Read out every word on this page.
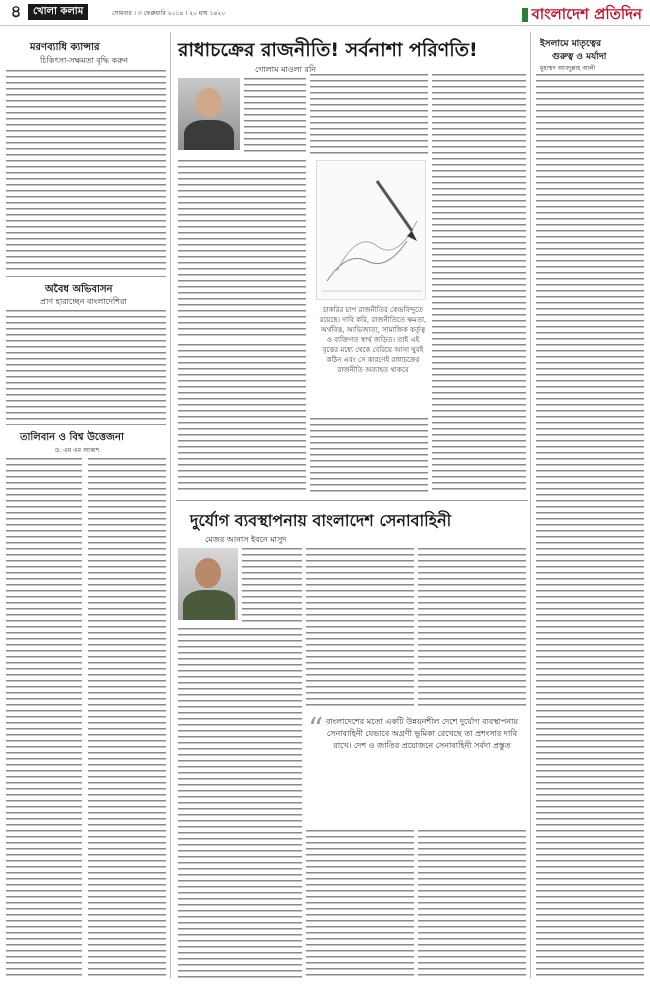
৪	খোলা কলাম	সোমবার । ৩ ফেব্রুয়ারি ২০১৪ । ২০ মাঘ ১৪২০	বাংলাদেশ প্রতিদিন
মরণব্যাধি ক্যান্সার
চিকিৎসা-সক্ষমতা বৃদ্ধি করুন
অবৈধ অভিবাসন
প্রাণ হারাচ্ছেন বাংলাদেশিরা
তালিবান ও বিশ্ব উত্তেজনা
ড. এম এম আকাশ
রাধাচক্রের রাজনীতি! সর্বনাশা পরিণতি!
গোলাম মাওলা রনি
চাকরির চাপ রাজনীতির কেন্দ্রবিন্দুতে রয়েছে। দাবি করি, রাজনীতিতে ক্ষমতা, অর্থবিত্ত, আভিজাত্য, সামাজিক কর্তৃত্ব ও ব্যক্তিগত স্বার্থ জড়িত। তাই এই বৃত্তের মধ্যে থেকে বেরিয়ে আসা খুবই কঠিন এবং সে কারণেই রাধাচক্রের রাজনীতি অব্যাহত থাকবে
দুর্যোগ ব্যবস্থাপনায় বাংলাদেশ সেনাবাহিনী
মেজর আনাস ইবনে মাসুদ
“ বাংলাদেশের মতো একটি উন্নয়নশীল দেশে দুর্যোগ ব্যবস্থাপনায় সেনাবাহিনী যেভাবে অগ্রণী ভূমিকা রেখেছে তা প্রশংসার দাবি রাখে। দেশ ও জাতির প্রয়োজনে সেনাবাহিনী সর্বদা প্রস্তুত
ইসলামে মাতৃত্বের
গুরুত্ব ও মর্যাদা
মুহাম্মদ আবদুল্লাহ আলী
